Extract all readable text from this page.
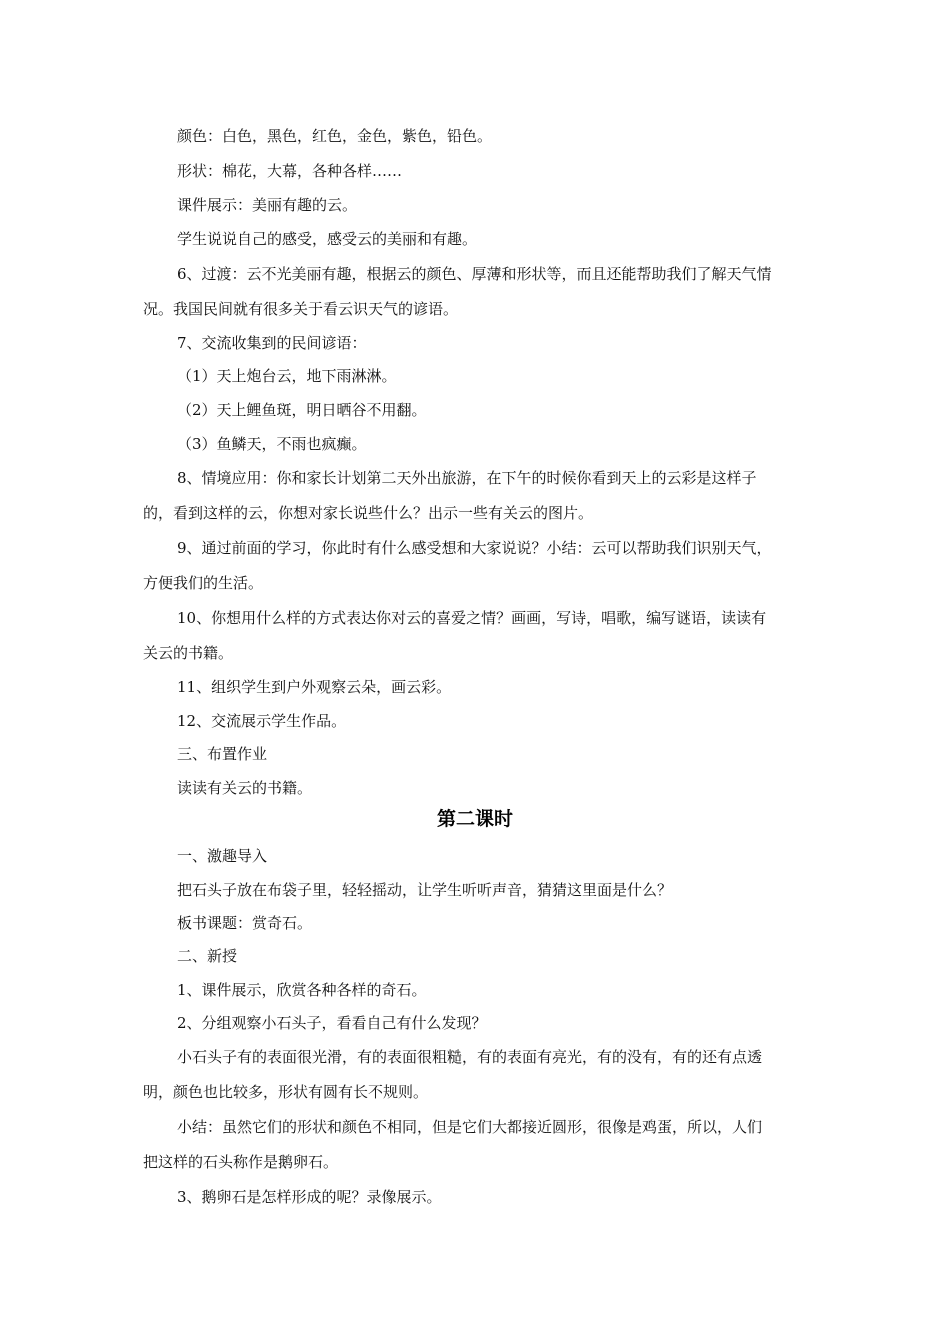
颜色：白色，黑色，红色，金色，紫色，铅色。
形状：棉花，大幕，各种各样……
课件展示：美丽有趣的云。
学生说说自己的感受，感受云的美丽和有趣。
6、过渡：云不光美丽有趣，根据云的颜色、厚薄和形状等，而且还能帮助我们了解天气情
况。我国民间就有很多关于看云识天气的谚语。
7、交流收集到的民间谚语：
（1）天上炮台云，地下雨淋淋。
（2）天上鲤鱼斑，明日晒谷不用翻。
（3）鱼鳞天，不雨也疯癫。
8、情境应用：你和家长计划第二天外出旅游，在下午的时候你看到天上的云彩是这样子
的，看到这样的云，你想对家长说些什么？出示一些有关云的图片。
9、通过前面的学习，你此时有什么感受想和大家说说？小结：云可以帮助我们识别天气，
方便我们的生活。
10、你想用什么样的方式表达你对云的喜爱之情？画画，写诗，唱歌，编写谜语，读读有
关云的书籍。
11、组织学生到户外观察云朵，画云彩。
12、交流展示学生作品。
三、布置作业
读读有关云的书籍。
第二课时
一、激趣导入
把石头子放在布袋子里，轻轻摇动，让学生听听声音，猜猜这里面是什么？
板书课题：赏奇石。
二、新授
1、课件展示，欣赏各种各样的奇石。
2、分组观察小石头子，看看自己有什么发现？
小石头子有的表面很光滑，有的表面很粗糙，有的表面有亮光，有的没有，有的还有点透
明，颜色也比较多，形状有圆有长不规则。
小结：虽然它们的形状和颜色不相同，但是它们大都接近圆形，很像是鸡蛋，所以，人们
把这样的石头称作是鹅卵石。
3、鹅卵石是怎样形成的呢？录像展示。
